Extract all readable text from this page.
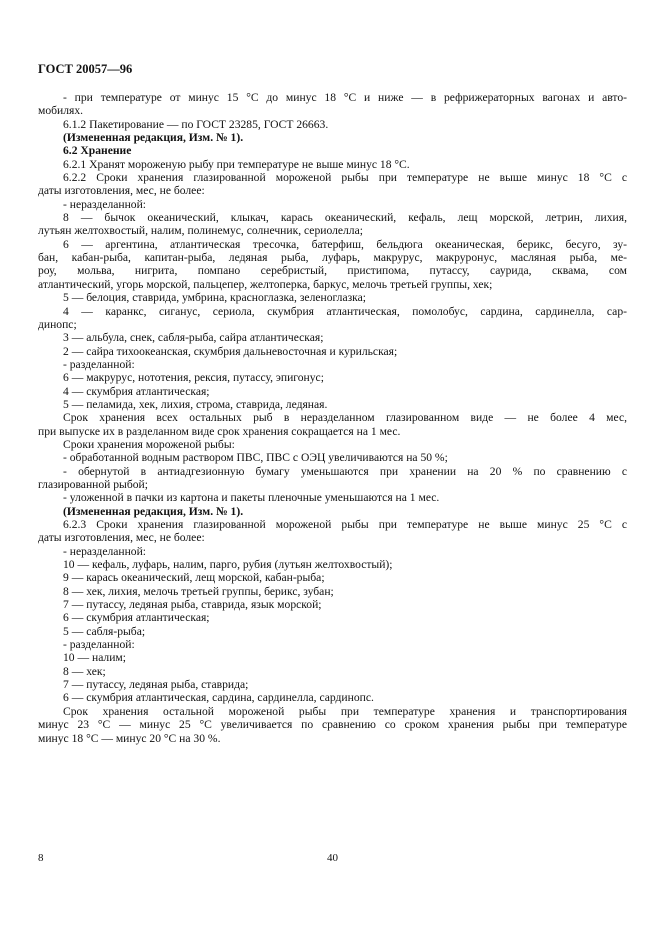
ГОСТ 20057—96
- при температуре от минус 15 °С до минус 18 °С и ниже — в рефрижераторных вагонах и авто-
мобилях.
6.1.2 Пакетирование — по ГОСТ 23285, ГОСТ 26663.
(Измененная редакция, Изм. № 1).
6.2 Хранение
6.2.1 Хранят мороженую рыбу при температуре не выше минус 18 °С.
6.2.2 Сроки хранения глазированной мороженой рыбы при температуре не выше минус 18 °С с
даты изготовления, мес, не более:
- неразделанной:
8 — бычок океанический, клыкач, карась океанический, кефаль, лещ морской, летрин, лихия,
лутьян желтохвостый, налим, полинемус, солнечник, сериолелла;
6 — аргентина, атлантическая тресочка, батерфиш, бельдюга океаническая, берикс, бесуго, зу-
бан, кабан-рыба, капитан-рыба, ледяная рыба, луфарь, макрурус, макруронус, масляная рыба, ме-
роу, мольва, нигрита, помпано серебристый, пристипома, путассу, саурида, сквама, сом
атлантический, угорь морской, пальцепер, желтоперка, баркус, мелочь третьей группы, хек;
5 — белоция, ставрида, умбрина, красноглазка, зеленоглазка;
4 — каранкс, сиганус, сериола, скумбрия атлантическая, помолобус, сардина, сардинелла, сар-
динопс;
3 — альбула, снек, сабля-рыба, сайра атлантическая;
2 — сайра тихоокеанская, скумбрия дальневосточная и курильская;
- разделанной:
6 — макрурус, нототения, рексия, путассу, эпигонус;
4 — скумбрия атлантическая;
5 — пеламида, хек, лихия, строма, ставрида, ледяная.
Срок хранения всех остальных рыб в неразделанном глазированном виде — не более 4 мес,
при выпуске их в разделанном виде срок хранения сокращается на 1 мес.
Сроки хранения мороженой рыбы:
- обработанной водным раствором ПВС, ПВС с ОЭЦ увеличиваются на 50 %;
- обернутой в антиадгезионную бумагу уменьшаются при хранении на 20 % по сравнению с
глазированной рыбой;
- уложенной в пачки из картона и пакеты пленочные уменьшаются на 1 мес.
(Измененная редакция, Изм. № 1).
6.2.3 Сроки хранения глазированной мороженой рыбы при температуре не выше минус 25 °С с
даты изготовления, мес, не более:
- неразделанной:
10 — кефаль, луфарь, налим, парго, рубия (лутьян желтохвостый);
9 — карась океанический, лещ морской, кабан-рыба;
8 — хек, лихия, мелочь третьей группы, берикс, зубан;
7 — путассу, ледяная рыба, ставрида, язык морской;
6 — скумбрия атлантическая;
5 — сабля-рыба;
- разделанной:
10 — налим;
8 — хек;
7 — путассу, ледяная рыба, ставрида;
6 — скумбрия атлантическая, сардина, сардинелла, сардинопс.
Срок хранения остальной мороженой рыбы при температуре хранения и транспортирования
минус 23 °С — минус 25 °С увеличивается по сравнению со сроком хранения рыбы при температуре
минус 18 °С — минус 20 °С на 30 %.
8	40
